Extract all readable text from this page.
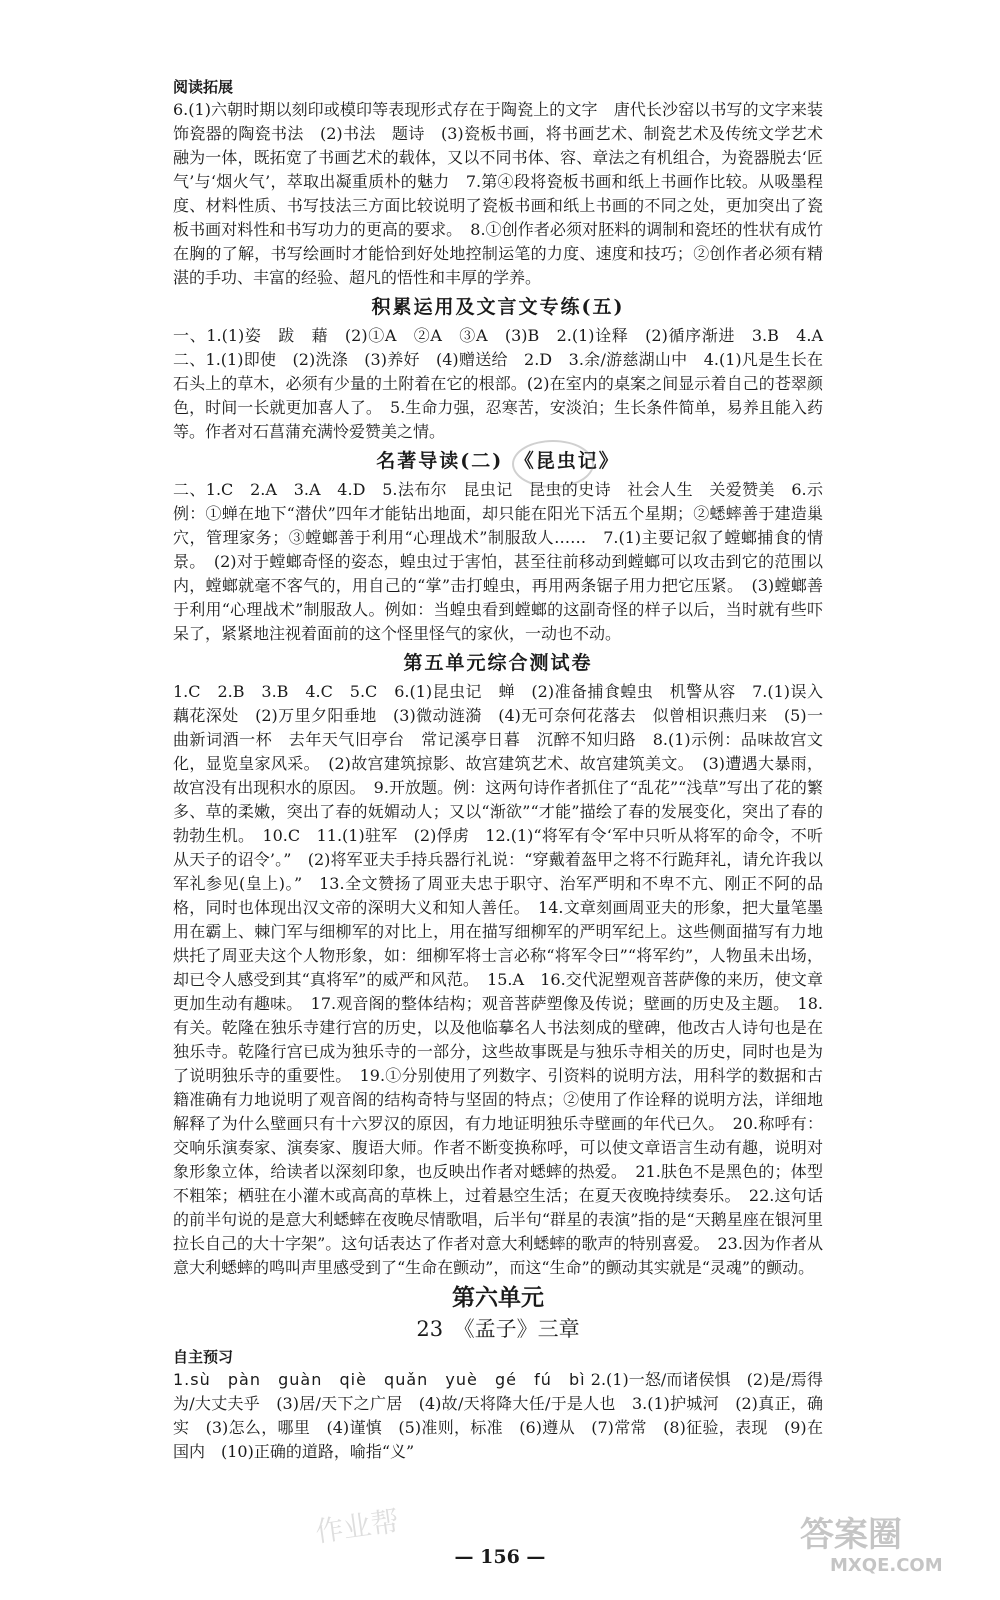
阅读拓展

6.(1)六朝时期以刻印或模印等表现形式存在于陶瓷上的文字　唐代长沙窑以书写的文字来装饰瓷器的陶瓷书法　(2)书法　题诗　(3)瓷板书画，将书画艺术、制瓷艺术及传统文学艺术融为一体，既拓宽了书画艺术的载体，又以不同书体、容、章法之有机组合，为瓷器脱去‘匠气’与‘烟火气’，萃取出凝重质朴的魅力　7.第④段将瓷板书画和纸上书画作比较。从吸墨程度、材料性质、书写技法三方面比较说明了瓷板书画和纸上书画的不同之处，更加突出了瓷板书画对料性和书写功力的更高的要求。　8.①创作者必须对胚料的调制和瓷坯的性状有成竹在胸的了解，书写绘画时才能恰到好处地控制运笔的力度、速度和技巧；②创作者必须有精湛的手功、丰富的经验、超凡的悟性和丰厚的学养。

积累运用及文言文专练(五)

一、1.(1)姿　跋　藉　(2)①A　②A　③A　(3)B　2.(1)诠释　(2)循序渐进　3.B　4.A　二、1.(1)即使　(2)洗涤　(3)养好　(4)赠送给　2.D　3.余/游慈湖山中　4.(1)凡是生长在石头上的草木，必须有少量的土附着在它的根部。(2)在室内的桌案之间显示着自己的苍翠颜色，时间一长就更加喜人了。　5.生命力强，忍寒苦，安淡泊；生长条件简单，易养且能入药等。作者对石菖蒲充满怜爱赞美之情。

名著导读(二)　《昆虫记》

二、1.C　2.A　3.A　4.D　5.法布尔　昆虫记　昆虫的史诗　社会人生　关爱赞美　6.示例：①蝉在地下“潜伏”四年才能钻出地面，却只能在阳光下活五个星期；②蟋蟀善于建造巢穴，管理家务；③螳螂善于利用“心理战术”制服敌人……　7.(1)主要记叙了螳螂捕食的情景。　(2)对于螳螂奇怪的姿态，蝗虫过于害怕，甚至往前移动到螳螂可以攻击到它的范围以内，螳螂就毫不客气的，用自己的“掌”击打蝗虫，再用两条锯子用力把它压紧。　(3)螳螂善于利用“心理战术”制服敌人。例如：当蝗虫看到螳螂的这副奇怪的样子以后，当时就有些吓呆了，紧紧地注视着面前的这个怪里怪气的家伙，一动也不动。

第五单元综合测试卷

1.C　2.B　3.B　4.C　5.C　6.(1)昆虫记　蝉　(2)准备捕食蝗虫　机警从容　7.(1)误入藕花深处　(2)万里夕阳垂地　(3)微动涟漪　(4)无可奈何花落去　似曾相识燕归来　(5)一曲新词酒一杯　去年天气旧亭台　常记溪亭日暮　沉醉不知归路　8.(1)示例：品味故宫文化，显览皇家风采。　(2)故宫建筑掠影、故宫建筑艺术、故宫建筑美文。　(3)遭遇大暴雨，故宫没有出现积水的原因。　9.开放题。例：这两句诗作者抓住了“乱花”“浅草”写出了花的繁多、草的柔嫩，突出了春的妩媚动人；又以“渐欲”“才能”描绘了春的发展变化，突出了春的勃勃生机。　10.C　11.(1)驻军　(2)俘虏　12.(1)“将军有令‘军中只听从将军的命令，不听从天子的诏令’。”　(2)将军亚夫手持兵器行礼说：“穿戴着盔甲之将不行跪拜礼，请允许我以军礼参见(皇上)。”　13.全文赞扬了周亚夫忠于职守、治军严明和不卑不亢、刚正不阿的品格，同时也体现出汉文帝的深明大义和知人善任。　14.文章刻画周亚夫的形象，把大量笔墨用在霸上、棘门军与细柳军的对比上，用在描写细柳军的严明军纪上。这些侧面描写有力地烘托了周亚夫这个人物形象，如：细柳军将士言必称“将军令曰”“将军约”，人物虽未出场，却已令人感受到其“真将军”的威严和风范。　15.A　16.交代泥塑观音菩萨像的来历，使文章更加生动有趣味。　17.观音阁的整体结构；观音菩萨塑像及传说；壁画的历史及主题。　18.有关。乾隆在独乐寺建行宫的历史，以及他临摹名人书法刻成的壁碑，他改古人诗句也是在独乐寺。乾隆行宫已成为独乐寺的一部分，这些故事既是与独乐寺相关的历史，同时也是为了说明独乐寺的重要性。　19.①分别使用了列数字、引资料的说明方法，用科学的数据和古籍准确有力地说明了观音阁的结构奇特与坚固的特点；②使用了作诠释的说明方法，详细地解释了为什么壁画只有十六罗汉的原因，有力地证明独乐寺壁画的年代已久。　20.称呼有：交响乐演奏家、演奏家、腹语大师。作者不断变换称呼，可以使文章语言生动有趣，说明对象形象立体，给读者以深刻印象，也反映出作者对蟋蟀的热爱。　21.肤色不是黑色的；体型不粗笨；栖驻在小灌木或高高的草株上，过着悬空生活；在夏天夜晚持续奏乐。　22.这句话的前半句说的是意大利蟋蟀在夜晚尽情歌唱，后半句“群星的表演”指的是“天鹅星座在银河里拉长自己的大十字架”。这句话表达了作者对意大利蟋蟀的歌声的特别喜爱。　23.因为作者从意大利蟋蟀的鸣叫声里感受到了“生命在颤动”，而这“生命”的颤动其实就是“灵魂”的颤动。

第六单元
23　《孟子》三章
自主预习

1.sù　pàn　guàn　qiè　quǎn　yuè　gé　fú　bì 2.(1)一怒/而诸侯惧　(2)是/焉得为/大丈夫乎　(3)居/天下之广居　(4)故/天将降大任/于是人也　3.(1)护城河　(2)真正，确实　(3)怎么，哪里　(4)谨慎　(5)准则，标准　(6)遵从　(7)常常　(8)征验，表现　(9)在国内　(10)正确的道路，喻指“义”

— 156 —
作业帮	答案圈
MXQE.COM
